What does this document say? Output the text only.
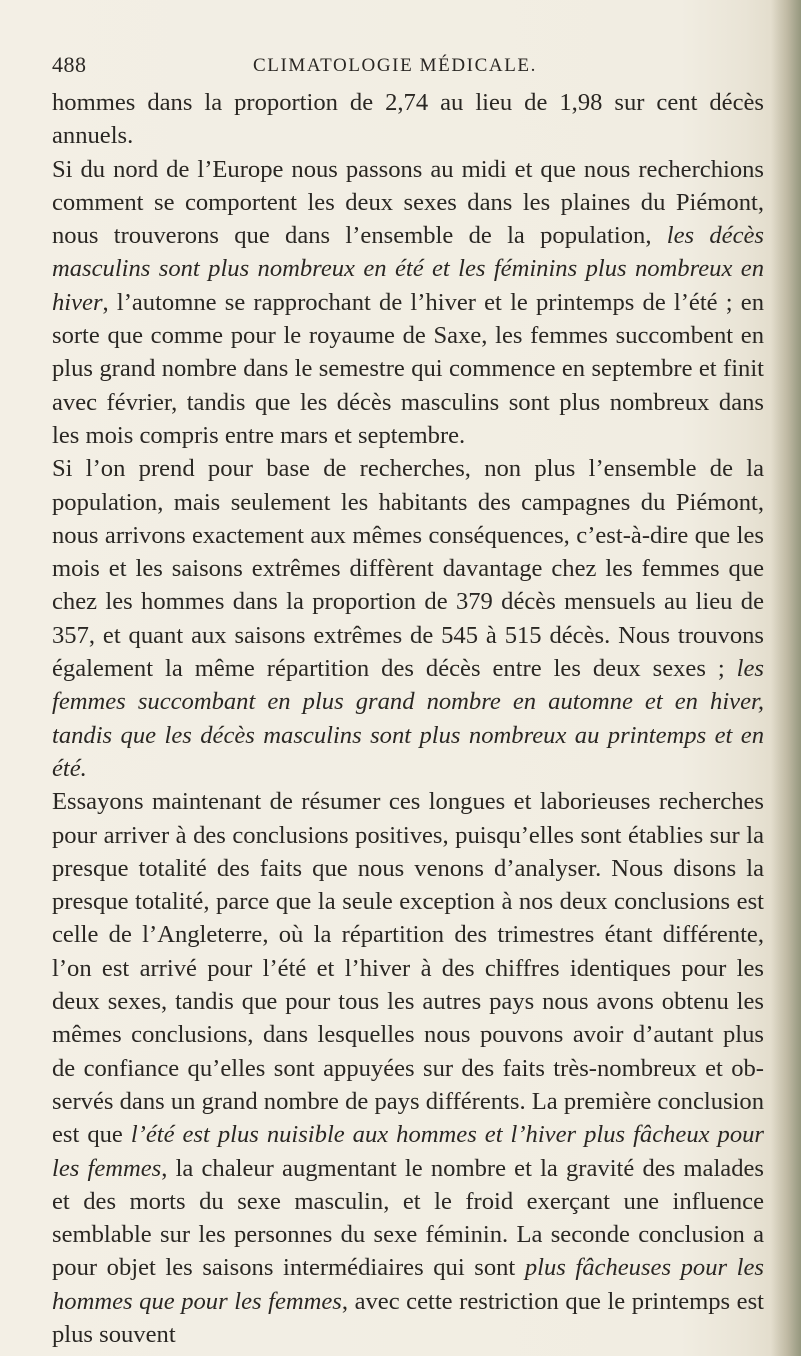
488	CLIMATOLOGIE MÉDICALE.

hommes dans la proportion de 2,74 au lieu de 1,98 sur cent décès annuels.

Si du nord de l’Europe nous passons au midi et que nous recherchions comment se comportent les deux sexes dans les plaines du Piémont, nous trouverons que dans l’ensemble de la population, les décès masculins sont plus nombreux en été et les féminins plus nombreux en hiver, l’automne se rapprochant de l’hiver et le printemps de l’été ; en sorte que comme pour le royaume de Saxe, les femmes succombent en plus grand nombre dans le semestre qui commence en septembre et finit avec février, tandis que les décès masculins sont plus nombreux dans les mois compris entre mars et septembre.

Si l’on prend pour base de recherches, non plus l’ensemble de la population, mais seulement les habitants des campagnes du Piémont, nous arrivons exactement aux mêmes conséquences, c’est-à-dire que les mois et les saisons extrêmes diffèrent davantage chez les femmes que chez les hommes dans la proportion de 379 décès mensuels au lieu de 357, et quant aux saisons extrêmes de 545 à 515 décès. Nous trouvons également la même répartition des décès entre les deux sexes ; les femmes succombant en plus grand nombre en automne et en hiver, tandis que les décès masculins sont plus nombreux au printemps et en été.

Essayons maintenant de résumer ces longues et laborieuses recherches pour arriver à des conclusions positives, puisqu’elles sont établies sur la presque totalité des faits que nous venons d’analyser. Nous disons la presque totalité, parce que la seule exception à nos deux conclusions est celle de l’Angleterre, où la répartition des trimestres étant différente, l’on est arrivé pour l’été et l’hiver à des chiffres identiques pour les deux sexes, tandis que pour tous les autres pays nous avons obtenu les mêmes conclusions, dans lesquelles nous pouvons avoir d’autant plus de confiance qu’elles sont appuyées sur des faits très-nombreux et observés dans un grand nombre de pays différents. La première conclusion est que l’été est plus nuisible aux hommes et l’hiver plus fâcheux pour les femmes, la chaleur augmentant le nombre et la gravité des malades et des morts du sexe masculin, et le froid exerçant une influence semblable sur les personnes du sexe féminin. La seconde conclusion a pour objet les saisons intermédiaires qui sont plus fâcheuses pour les hommes que pour les femmes, avec cette restriction que le printemps est plus souvent
